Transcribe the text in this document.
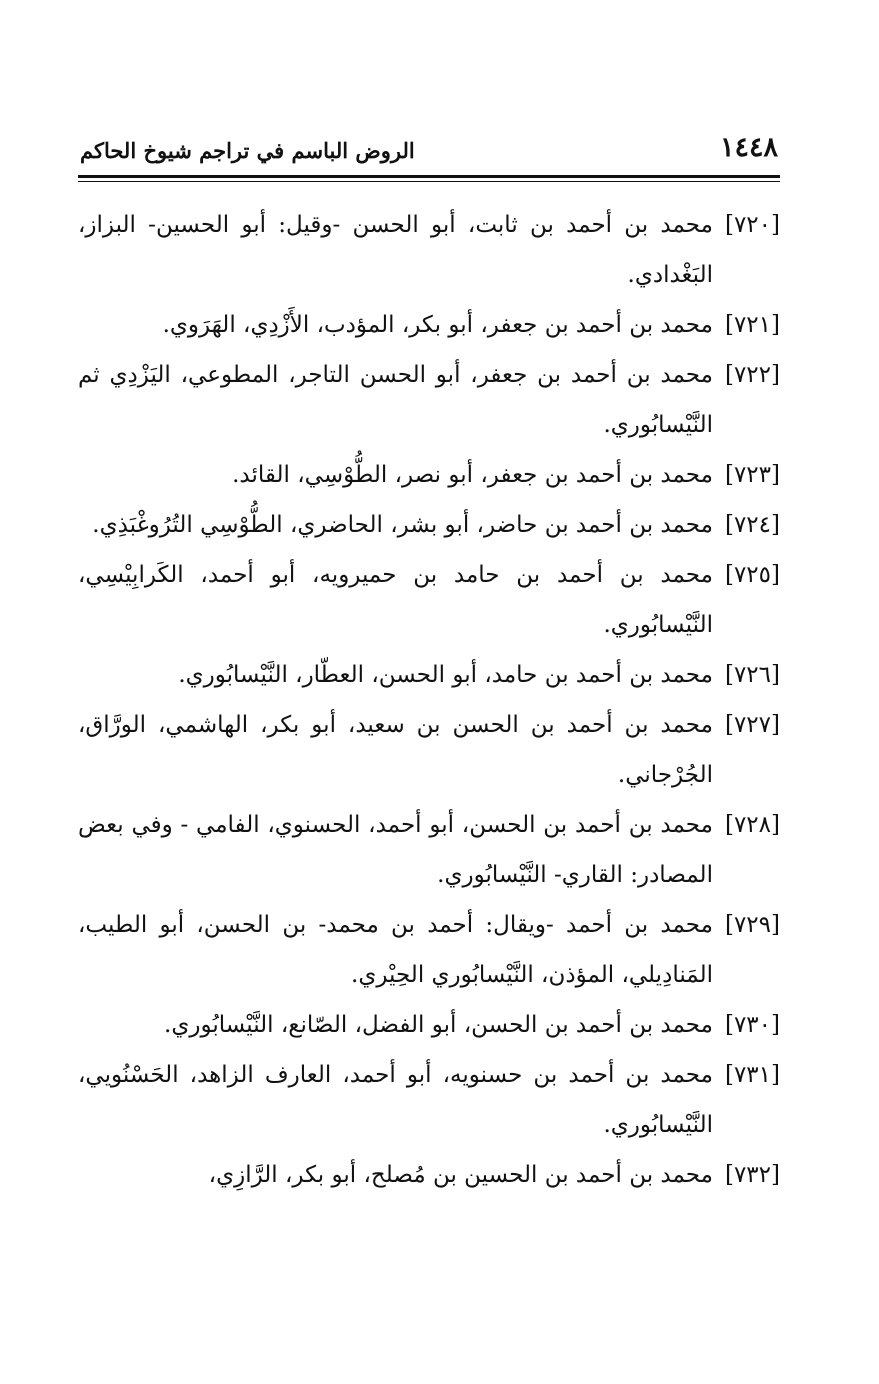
١٤٤٨
الروض الباسم في تراجم شيوخ الحاكم
[٧٢٠]
محمد بن أحمد بن ثابت، أبو الحسن -وقيل: أبو الحسين- البزاز، البَغْدادي.
[٧٢١]
محمد بن أحمد بن جعفر، أبو بكر، المؤدب، الأَزْدِي، الهَرَوي.
[٧٢٢]
محمد بن أحمد بن جعفر، أبو الحسن التاجر، المطوعي، اليَزْدِي ثم النَّيْسابُوري.
[٧٢٣]
محمد بن أحمد بن جعفر، أبو نصر، الطُّوْسِي، القائد.
[٧٢٤]
محمد بن أحمد بن حاضر، أبو بشر، الحاضري، الطُّوْسِي التُرُوغْبَذِي.
[٧٢٥]
محمد بن أحمد بن حامد بن حميرويه، أبو أحمد، الكَرابِيْسِي، النَّيْسابُوري.
[٧٢٦]
محمد بن أحمد بن حامد، أبو الحسن، العطّار، النَّيْسابُوري.
[٧٢٧]
محمد بن أحمد بن الحسن بن سعيد، أبو بكر، الهاشمي، الورَّاق، الجُرْجاني.
[٧٢٨]
محمد بن أحمد بن الحسن، أبو أحمد، الحسنوي، الفامي - وفي بعض المصادر: القاري- النَّيْسابُوري.
[٧٢٩]
محمد بن أحمد -ويقال: أحمد بن محمد- بن الحسن، أبو الطيب، المَنادِيلي، المؤذن، النَّيْسابُوري الحِيْري.
[٧٣٠]
محمد بن أحمد بن الحسن، أبو الفضل، الصّانع، النَّيْسابُوري.
[٧٣١]
محمد بن أحمد بن حسنويه، أبو أحمد، العارف الزاهد، الحَسْنُويي، النَّيْسابُوري.
[٧٣٢]
محمد بن أحمد بن الحسين بن مُصلح، أبو بكر، الرَّازِي،
